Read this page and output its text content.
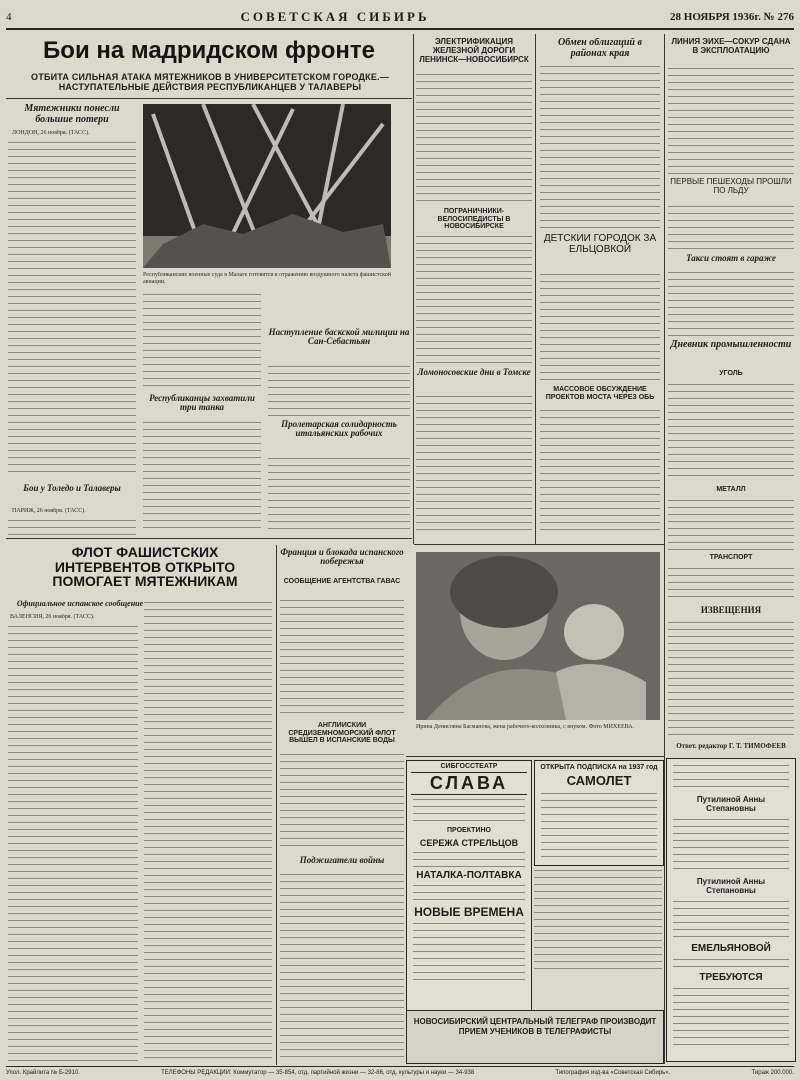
4	СОВЕТСКАЯ СИБИРЬ	28 НОЯБРЯ 1936г. № 276
Бои на мадридском фронте
ОТБИТА СИЛЬНАЯ АТАКА МЯТЕЖНИКОВ В УНИВЕРСИТЕТСКОМ ГОРОДКЕ.— НАСТУПАТЕЛЬНЫЕ ДЕЙСТВИЯ РЕСПУБЛИКАНЦЕВ У ТАЛАВЕРЫ
Мятежники понесли большие потери
ЛОНДОН, 26 ноября. (ТАСС).
Республиканские военные суда в Малаге готовятся к отражению воздушного налета фашистской авиации.
Республиканцы захватили три танка
Наступление баскской милиции на Сан-Себастьян
Пролетарская солидарность итальянских рабочих
Бои у Толедо и Талаверы
ПАРИЖ, 26 ноября. (ТАСС).
ФЛОТ ФАШИСТСКИХ ИНТЕРВЕНТОВ ОТКРЫТО ПОМОГАЕТ МЯТЕЖНИКАМ
Официальное испанское сообщение
ВАЛЕНСИЯ, 26 ноября. (ТАСС).
Франция и блокада испанского побережья
СООБЩЕНИЕ АГЕНТСТВА ГАВАС
АНГЛИЙСКИЙ СРЕДИЗЕМНОМОРСКИЙ ФЛОТ ВЫШЕЛ В ИСПАНСКИЕ ВОДЫ
Поджигатели войны
ЭЛЕКТРИФИКАЦИЯ ЖЕЛЕЗНОЙ ДОРОГИ ЛЕНИНСК—НОВОСИБИРСК
ПОГРАНИЧНИКИ-ВЕЛОСИПЕДИСТЫ В НОВОСИБИРСКЕ
Ломоносовские дни в Томске
Обмен облигаций в районах края
ДЕТСКИЙ ГОРОДОК ЗА ЕЛЬЦОВКОЙ
МАССОВОЕ ОБСУЖДЕНИЕ ПРОЕКТОВ МОСТА ЧЕРЕЗ ОБЬ
ЛИНИЯ ЭЙХЕ—СОКУР СДАНА В ЭКСПЛОАТАЦИЮ
ПЕРВЫЕ ПЕШЕХОДЫ ПРОШЛИ ПО ЛЬДУ
Такси стоят в гараже
Дневник промышленности
УГОЛЬ
МЕТАЛЛ
ТРАНСПОРТ
ИЗВЕЩЕНИЯ
Ответ. редактор Г. Т. ТИМОФЕЕВ
Ирина Денисовна Басманова, жена рабочего-колхозника, с внуком. Фото МИХЕЕВА.
СИБГОССТЕАТР
СЛАВА
ПРОЕКТИНО
СЕРЕЖА СТРЕЛЬЦОВ
НАТАЛКА-ПОЛТАВКА
НОВЫЕ ВРЕМЕНА
ОТКРЫТА ПОДПИСКА на 1937 год
САМОЛЕТ
НОВОСИБИРСКИЙ ЦЕНТРАЛЬНЫЙ ТЕЛЕГРАФ ПРОИЗВОДИТ ПРИЕМ УЧЕНИКОВ В ТЕЛЕГРАФИСТЫ
Путилиной Анны Степановны
Путилиной Анны Степановны
ЕМЕЛЬЯНОВОЙ
ТРЕБУЮТСЯ
Упол. Крайлита № Б-2910.	ТЕЛЕФОНЫ РЕДАКЦИИ: Коммутатор — 35-854, отд. партийной жизни — 32-86, отд. культуры и науки — 34-938	Типография изд-ва «Советская Сибирь».	Тираж 200.000.
